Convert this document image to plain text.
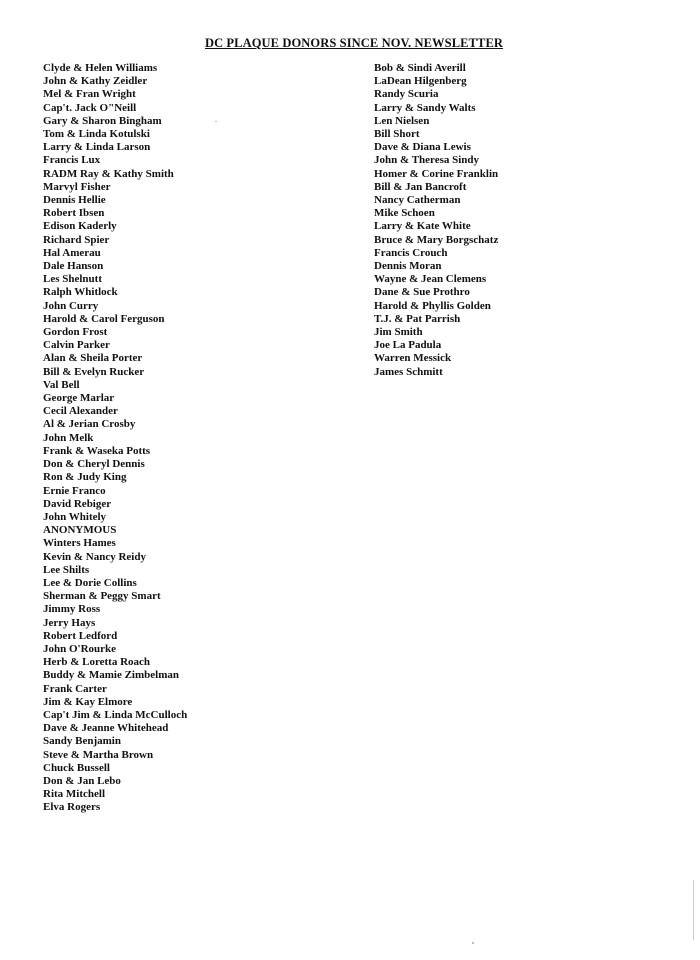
DC PLAQUE DONORS SINCE NOV. NEWSLETTER
Clyde & Helen Williams
John & Kathy Zeidler
Mel & Fran Wright
Cap't. Jack O"Neill
Gary & Sharon Bingham
Tom & Linda Kotulski
Larry & Linda Larson
Francis Lux
RADM Ray & Kathy Smith
Marvyl Fisher
Dennis Hellie
Robert Ibsen
Edison Kaderly
Richard Spier
Hal Amerau
Dale Hanson
Les Shelnutt
Ralph Whitlock
John Curry
Harold & Carol Ferguson
Gordon Frost
Calvin Parker
Alan & Sheila Porter
Bill & Evelyn Rucker
Val Bell
George Marlar
Cecil Alexander
Al & Jerian Crosby
John Melk
Frank & Waseka Potts
Don & Cheryl Dennis
Ron & Judy King
Ernie Franco
David Rebiger
John Whitely
ANONYMOUS
Winters Hames
Kevin & Nancy Reidy
Lee Shilts
Lee & Dorie Collins
Sherman & Peggy Smart
Jimmy Ross
Jerry Hays
Robert Ledford
John O'Rourke
Herb & Loretta Roach
Buddy & Mamie Zimbelman
Frank Carter
Jim & Kay Elmore
Cap't Jim & Linda McCulloch
Dave & Jeanne Whitehead
Sandy Benjamin
Steve & Martha Brown
Chuck Bussell
Don & Jan Lebo
Rita Mitchell
Elva Rogers
Bob & Sindi Averill
LaDean Hilgenberg
Randy Scuria
Larry & Sandy Walts
Len Nielsen
Bill Short
Dave & Diana Lewis
John & Theresa Sindy
Homer & Corine Franklin
Bill & Jan Bancroft
Nancy Catherman
Mike Schoen
Larry & Kate White
Bruce & Mary Borgschatz
Francis Crouch
Dennis Moran
Wayne & Jean Clemens
Dane & Sue Prothro
Harold & Phyllis Golden
T.J. & Pat Parrish
Jim Smith
Joe La Padula
Warren Messick
James Schmitt
